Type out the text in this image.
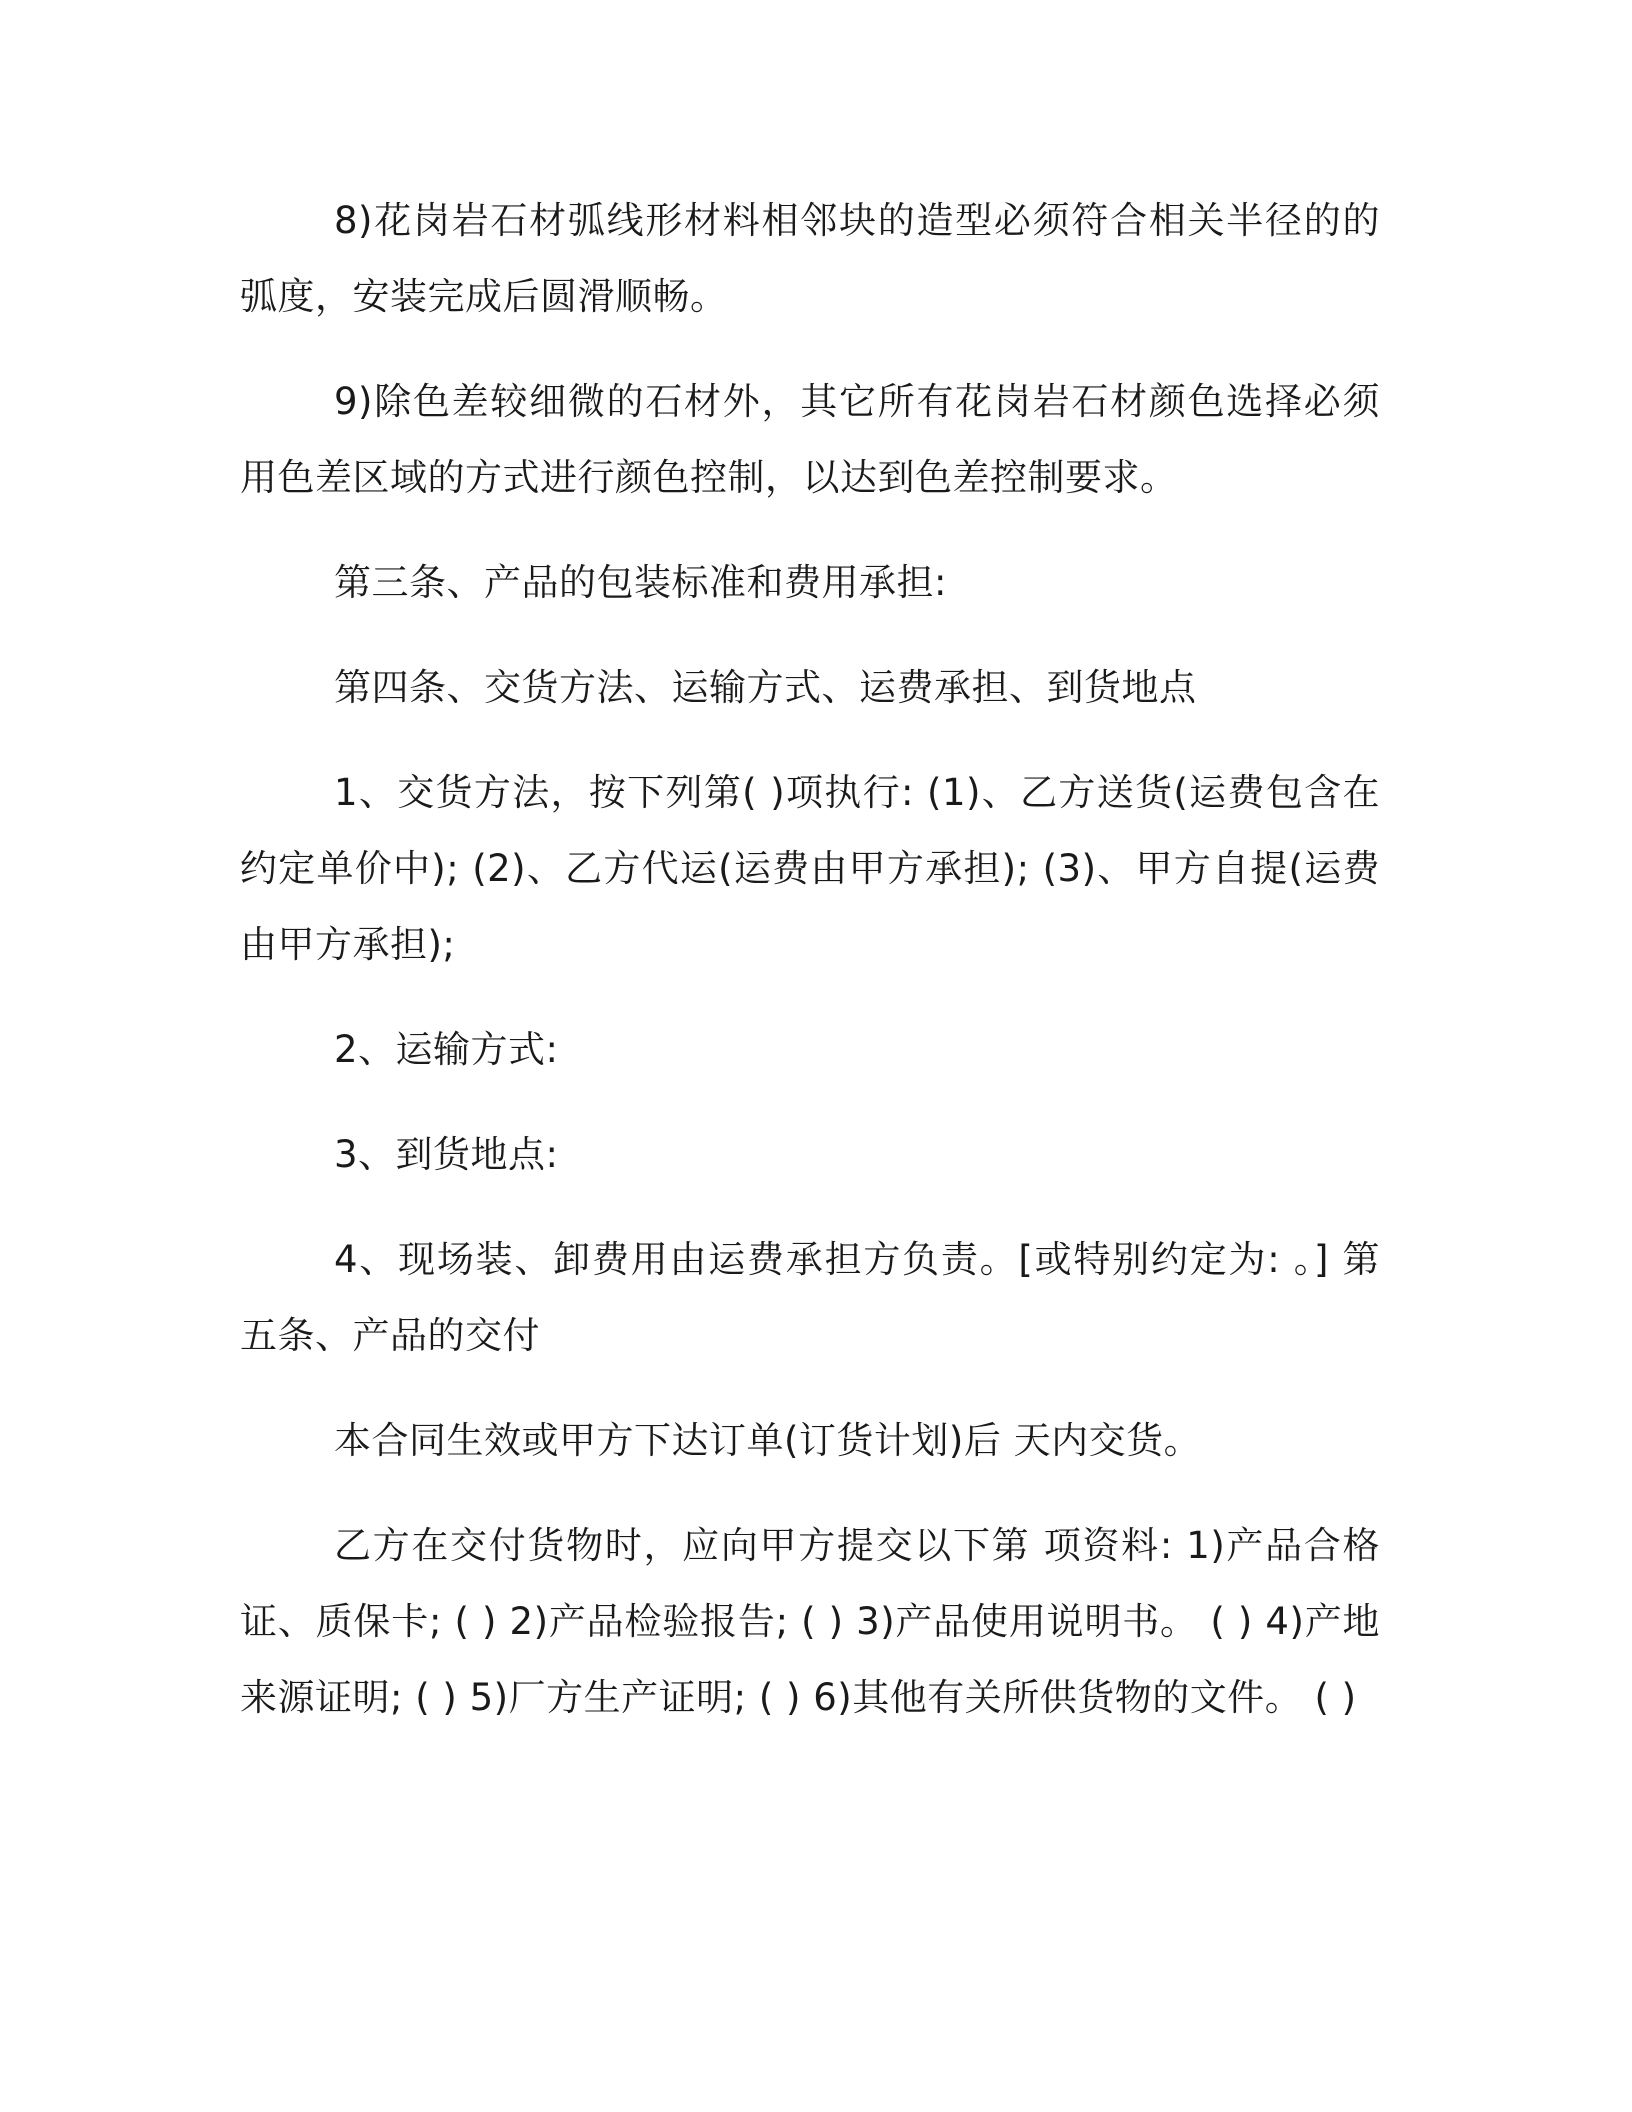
8)花岗岩石材弧线形材料相邻块的造型必须符合相关半径的的弧度，安装完成后圆滑顺畅。

9)除色差较细微的石材外，其它所有花岗岩石材颜色选择必须用色差区域的方式进行颜色控制，以达到色差控制要求。

第三条、产品的包装标准和费用承担:

第四条、交货方法、运输方式、运费承担、到货地点

1、交货方法，按下列第( )项执行: (1)、乙方送货(运费包含在约定单价中); (2)、乙方代运(运费由甲方承担); (3)、甲方自提(运费由甲方承担);

2、运输方式:

3、到货地点:

4、现场装、卸费用由运费承担方负责。[或特别约定为: 。] 第五条、产品的交付

本合同生效或甲方下达订单(订货计划)后 天内交货。

乙方在交付货物时，应向甲方提交以下第 项资料: 1)产品合格证、质保卡; ( ) 2)产品检验报告; ( ) 3)产品使用说明书。 ( ) 4)产地来源证明; ( ) 5)厂方生产证明; ( ) 6)其他有关所供货物的文件。 ( )
